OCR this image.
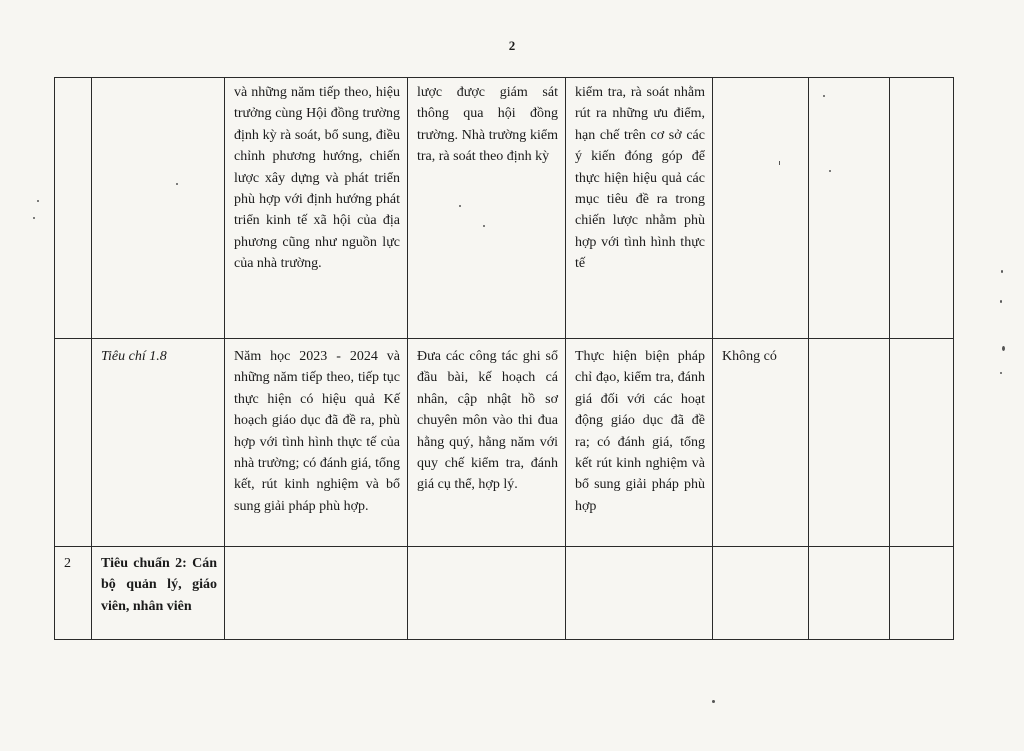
2
		và những năm tiếp theo, hiệu trưởng cùng Hội đồng trường định kỳ rà soát, bổ sung, điều chỉnh phương hướng, chiến lược xây dựng và phát triển phù hợp với định hướng phát triển kinh tế xã hội của địa phương cũng như nguồn lực của nhà trường.	lược được giám sát thông qua hội đồng trường. Nhà trường kiểm tra, rà soát theo định kỳ	kiểm tra, rà soát nhằm rút ra những ưu điểm, hạn chế trên cơ sở các ý kiến đóng góp để thực hiện hiệu quả các mục tiêu đề ra trong chiến lược nhằm phù hợp với tình hình thực tế			
	Tiêu chí 1.8	Năm học 2023 - 2024 và những năm tiếp theo, tiếp tục thực hiện có hiệu quả Kế hoạch giáo dục đã đề ra, phù hợp với tình hình thực tế của nhà trường; có đánh giá, tổng kết, rút kinh nghiệm và bổ sung giải pháp phù hợp.	Đưa các công tác ghi sổ đầu bài, kế hoạch cá nhân, cập nhật hồ sơ chuyên môn vào thi đua hằng quý, hằng năm với quy chế kiểm tra, đánh giá cụ thể, hợp lý.	Thực hiện biện pháp chỉ đạo, kiểm tra, đánh giá đối với các hoạt động giáo dục đã đề ra; có đánh giá, tổng kết rút kinh nghiệm và bổ sung giải pháp phù hợp	Không có		
2	Tiêu chuẩn 2: Cán bộ quản lý, giáo viên, nhân viên						
